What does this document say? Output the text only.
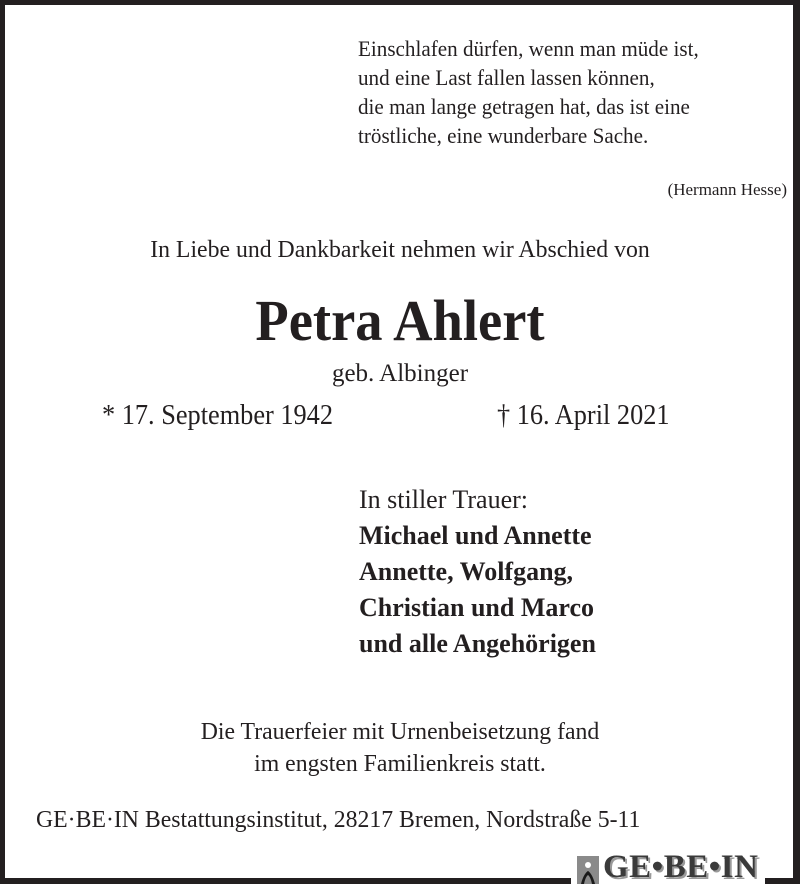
Einschlafen dürfen, wenn man müde ist,
und eine Last fallen lassen können,
die man lange getragen hat, das ist eine
tröstliche, eine wunderbare Sache.
(Hermann Hesse)
In Liebe und Dankbarkeit nehmen wir Abschied von
Petra Ahlert
geb. Albinger
* 17. September 1942	† 16. April 2021
In stiller Trauer:
Michael und Annette
Annette, Wolfgang,
Christian und Marco
und alle Angehörigen
Die Trauerfeier mit Urnenbeisetzung fand
im engsten Familienkreis statt.
GE·BE·IN Bestattungsinstitut, 28217 Bremen, Nordstraße 5-11
GE•BE•IN
